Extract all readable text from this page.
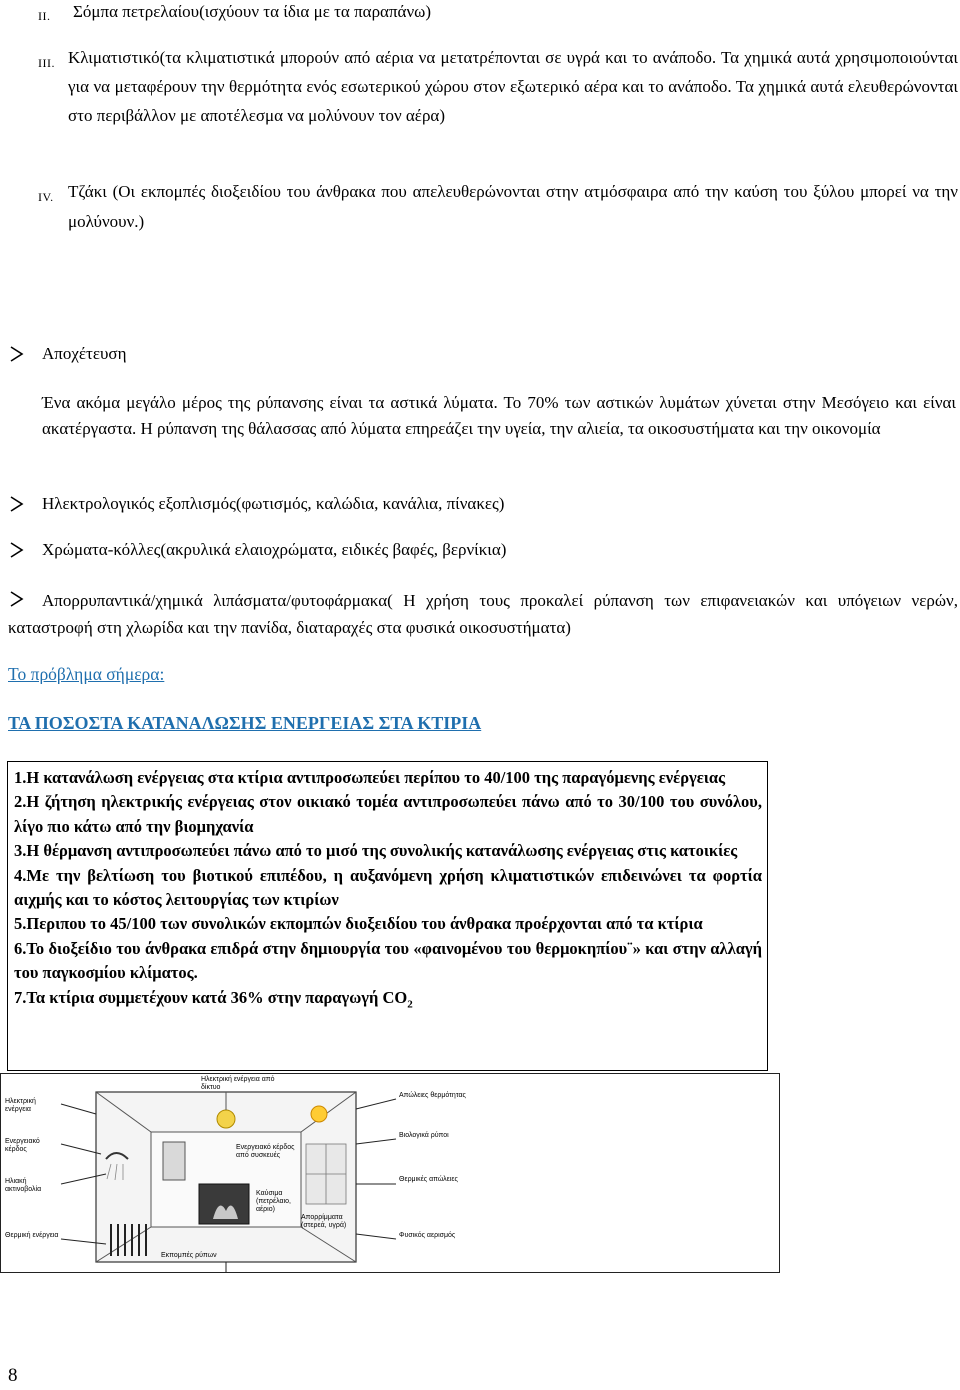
II. Σόμπα πετρελαίου(ισχύουν τα ίδια με τα παραπάνω)
III. Κλιματιστικό(τα κλιματιστικά μπορούν από αέρια να μετατρέπονται σε υγρά και το ανάποδο. Τα χημικά αυτά χρησιμοποιούνται για να μεταφέρουν την θερμότητα ενός εσωτερικού χώρου στον εξωτερικό αέρα και το ανάποδο. Τα χημικά αυτά ελευθερώνονται στο περιβάλλον με αποτέλεσμα να μολύνουν τον αέρα)
IV. Τζάκι (Οι εκπομπές διοξειδίου του άνθρακα που απελευθερώνονται στην ατμόσφαιρα από την καύση του ξύλου μπορεί να την μολύνουν.)
Αποχέτευση
Ένα ακόμα μεγάλο μέρος της ρύπανσης είναι τα αστικά λύματα. Το 70% των αστικών λυμάτων χύνεται στην Μεσόγειο και είναι ακατέργαστα. Η ρύπανση της θάλασσας από λύματα επηρεάζει την υγεία, την αλιεία, τα οικοσυστήματα και την οικονομία
Ηλεκτρολογικός εξοπλισμός(φωτισμός, καλώδια, κανάλια, πίνακες)
Χρώματα-κόλλες(ακρυλικά ελαιοχρώματα, ειδικές βαφές, βερνίκια)
Απορρυπαντικά/χημικά λιπάσματα/φυτοφάρμακα( Η χρήση τους προκαλεί ρύπανση των επιφανειακών και υπόγειων νερών, καταστροφή στη χλωρίδα και την πανίδα, διαταραχές στα φυσικά οικοσυστήματα)
Το πρόβλημα σήμερα:
ΤΑ ΠΟΣΟΣΤΑ ΚΑΤΑΝΑΛΩΣΗΣ ΕΝΕΡΓΕΙΑΣ ΣΤΑ ΚΤΙΡΙΑ

1.Η κατανάλωση ενέργειας στα κτίρια αντιπροσωπεύει περίπου το 40/100 της παραγόμενης ενέργειας

2.Η ζήτηση ηλεκτρικής ενέργειας στον οικιακό τομέα αντιπροσωπεύει πάνω από το 30/100 του συνόλου, λίγο πιο κάτω από την βιομηχανία

3.Η θέρμανση αντιπροσωπεύει πάνω από το μισό της συνολικής κατανάλωσης ενέργειας στις κατοικίες

4.Με την βελτίωση του βιοτικού επιπέδου, η αυξανόμενη χρήση κλιματιστικών επιδεινώνει τα φορτία αιχμής και το κόστος λειτουργίας των κτιρίων

5.Περιπου το 45/100 των συνολικών εκπομπών διοξειδίου του άνθρακα προέρχονται από τα κτίρια

6.Το διοξείδιο του άνθρακα επιδρά στην δημιουργία του «φαινομένου του θερμοκηπίου¨» και στην αλλαγή του παγκοσμίου κλίματος.

7.Τα κτίρια συμμετέχουν κατά 36% στην παραγωγή $CO_2$

Ηλεκτρική ενέργεια από δίκτυο
Απώλειες θερμότητας
Βιολογικά ρύποι
Θερμικές απώλειες
Φυσικός αερισμός
Ηλεκτρική ενέργεια
Ενεργειακό κέρδος
Ηλιακή ακτινοβολία
Θερμική ενέργεια
Ενεργειακό κέρδος από συσκευές
Καύσιμα (πετρέλαιο, αέριο)
Απορρίμματα (στερεά, υγρά)
Εκπομπές ρύπων
8
